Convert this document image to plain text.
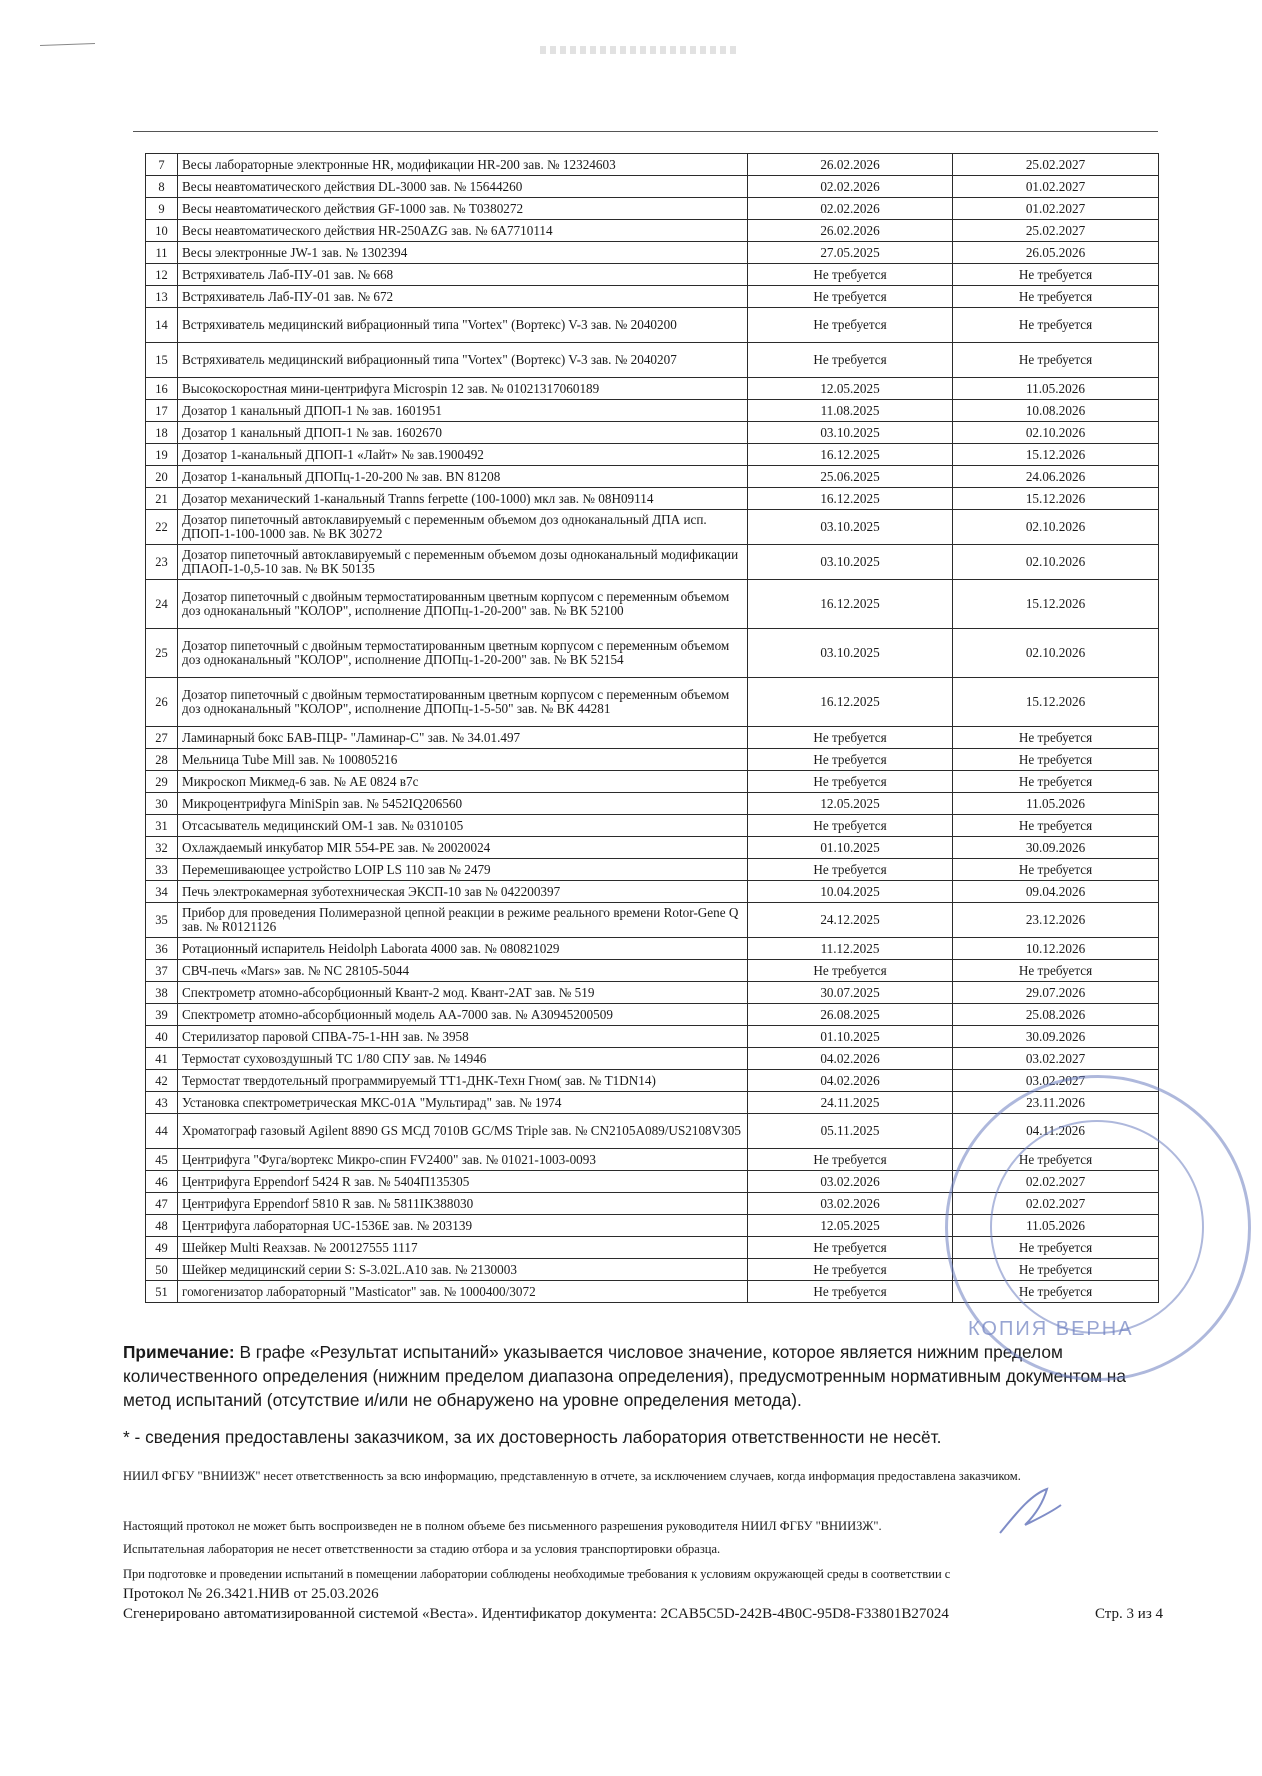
7	Весы лабораторные электронные HR, модификации HR-200 зав. № 12324603	26.02.2026	25.02.2027
8	Весы неавтоматического действия DL-3000 зав. № 15644260	02.02.2026	01.02.2027
9	Весы неавтоматического действия GF-1000 зав. № T0380272	02.02.2026	01.02.2027
10	Весы неавтоматического действия HR-250AZG зав. № 6A7710114	26.02.2026	25.02.2027
11	Весы электронные JW-1 зав. № 1302394	27.05.2025	26.05.2026
12	Встряхиватель Лаб-ПУ-01 зав. № 668	Не требуется	Не требуется
13	Встряхиватель Лаб-ПУ-01 зав. № 672	Не требуется	Не требуется
14	Встряхиватель медицинский вибрационный типа "Vortex" (Вортекс) V-3 зав. № 2040200	Не требуется	Не требуется
15	Встряхиватель медицинский вибрационный типа "Vortex" (Вортекс) V-3 зав. № 2040207	Не требуется	Не требуется
16	Высокоскоростная мини-центрифуга Microspin 12 зав. № 01021317060189	12.05.2025	11.05.2026
17	Дозатор 1 канальный ДПОП-1 № зав. 1601951	11.08.2025	10.08.2026
18	Дозатор 1 канальный ДПОП-1 № зав. 1602670	03.10.2025	02.10.2026
19	Дозатор 1-канальный ДПОП-1 «Лайт» № зав.1900492	16.12.2025	15.12.2026
20	Дозатор 1-канальный ДПОПц-1-20-200 № зав. BN 81208	25.06.2025	24.06.2026
21	Дозатор механический 1-канальный Tranns ferpette (100-1000) мкл зав. № 08H09114	16.12.2025	15.12.2026
22	Дозатор пипеточный автоклавируемый с переменным объемом доз одноканальный ДПА исп. ДПОП-1-100-1000 зав. № ВК 30272	03.10.2025	02.10.2026
23	Дозатор пипеточный автоклавируемый с переменным объемом дозы одноканальный модификации ДПАОП-1-0,5-10 зав. № ВК 50135	03.10.2025	02.10.2026
24	Дозатор пипеточный с двойным термостатированным цветным корпусом с переменным объемом доз одноканальный "КОЛОР", исполнение ДПОПц-1-20-200" зав. № ВК 52100	16.12.2025	15.12.2026
25	Дозатор пипеточный с двойным термостатированным цветным корпусом с переменным объемом доз одноканальный "КОЛОР", исполнение ДПОПц-1-20-200" зав. № ВК 52154	03.10.2025	02.10.2026
26	Дозатор пипеточный с двойным термостатированным цветным корпусом с переменным объемом доз одноканальный "КОЛОР", исполнение ДПОПц-1-5-50" зав. № ВК 44281	16.12.2025	15.12.2026
27	Ламинарный бокс БАВ-ПЦР- "Ламинар-С" зав. № 34.01.497	Не требуется	Не требуется
28	Мельница Tube Mill зав. № 100805216	Не требуется	Не требуется
29	Микроскоп Микмед-6 зав. № AE 0824 в7с	Не требуется	Не требуется
30	Микроцентрифуга MiniSpin зав. № 5452IQ206560	12.05.2025	11.05.2026
31	Отсасыватель медицинский ОМ-1 зав. № 0310105	Не требуется	Не требуется
32	Охлаждаемый инкубатор MIR 554-PE зав. № 20020024	01.10.2025	30.09.2026
33	Перемешивающее устройство LOIP LS 110 зав № 2479	Не требуется	Не требуется
34	Печь электрокамерная зуботехническая ЭКСП-10 зав № 042200397	10.04.2025	09.04.2026
35	Прибор для проведения Полимеразной цепной реакции в режиме реального времени Rotor-Gene Q зав. № R0121126	24.12.2025	23.12.2026
36	Ротационный испаритель Heidolph Laborata 4000 зав. № 080821029	11.12.2025	10.12.2026
37	СВЧ-печь «Mars» зав. № NC 28105-5044	Не требуется	Не требуется
38	Спектрометр атомно-абсорбционный Квант-2 мод. Квант-2АТ зав. № 519	30.07.2025	29.07.2026
39	Спектрометр атомно-абсорбционный модель АА-7000 зав. № A30945200509	26.08.2025	25.08.2026
40	Стерилизатор паровой СПВА-75-1-НН зав. № 3958	01.10.2025	30.09.2026
41	Термостат суховоздушный ТС 1/80 СПУ зав. № 14946	04.02.2026	03.02.2027
42	Термостат твердотельный программируемый ТТ1-ДНК-Техн Гном( зав. № T1DN14)	04.02.2026	03.02.2027
43	Установка спектрометрическая МКС-01А "Мультирад" зав. № 1974	24.11.2025	23.11.2026
44	Хроматограф газовый Agilent 8890 GS МСД 7010B GC/MS Triple зав. № CN2105A089/US2108V305	05.11.2025	04.11.2026
45	Центрифуга "Фуга/вортекс Микро-спин FV2400" зав. № 01021-1003-0093	Не требуется	Не требуется
46	Центрифуга Eppendorf 5424 R зав. № 5404П135305	03.02.2026	02.02.2027
47	Центрифуга Eppendorf 5810 R зав. № 5811IK388030	03.02.2026	02.02.2027
48	Центрифуга лабораторная UC-1536E зав. № 203139	12.05.2025	11.05.2026
49	Шейкер Multi Reaxзав. № 200127555 1117	Не требуется	Не требуется
50	Шейкер медицинский серии S: S-3.02L.A10 зав. № 2130003	Не требуется	Не требуется
51	гомогенизатор лабораторный "Masticator" зав. № 1000400/3072	Не требуется	Не требуется
Примечание: В графе «Результат испытаний» указывается числовое значение, которое является нижним пределом количественного определения (нижним пределом диапазона определения), предусмотренным нормативным документом на метод испытаний (отсутствие и/или не обнаружено на уровне определения метода).
* - сведения предоставлены заказчиком, за их достоверность лаборатория ответственности не несёт.
НИИЛ ФГБУ "ВНИИЗЖ" несет ответственность за всю информацию, представленную в отчете, за исключением случаев, когда информация предоставлена заказчиком.
Настоящий протокол не может быть воспроизведен не в полном объеме без письменного разрешения руководителя НИИЛ ФГБУ "ВНИИЗЖ".
Испытательная лаборатория не несет ответственности за стадию отбора и за условия транспортировки образца.
При подготовке и проведении испытаний в помещении лаборатории соблюдены необходимые требования к условиям окружающей среды в соответствии с
Протокол № 26.3421.НИВ от 25.03.2026
Сгенерировано автоматизированной системой «Веста». Идентификатор документа: 2CAB5C5D-242B-4B0C-95D8-F33801B27024	Стр. 3 из 4
КОПИЯ ВЕРНА
